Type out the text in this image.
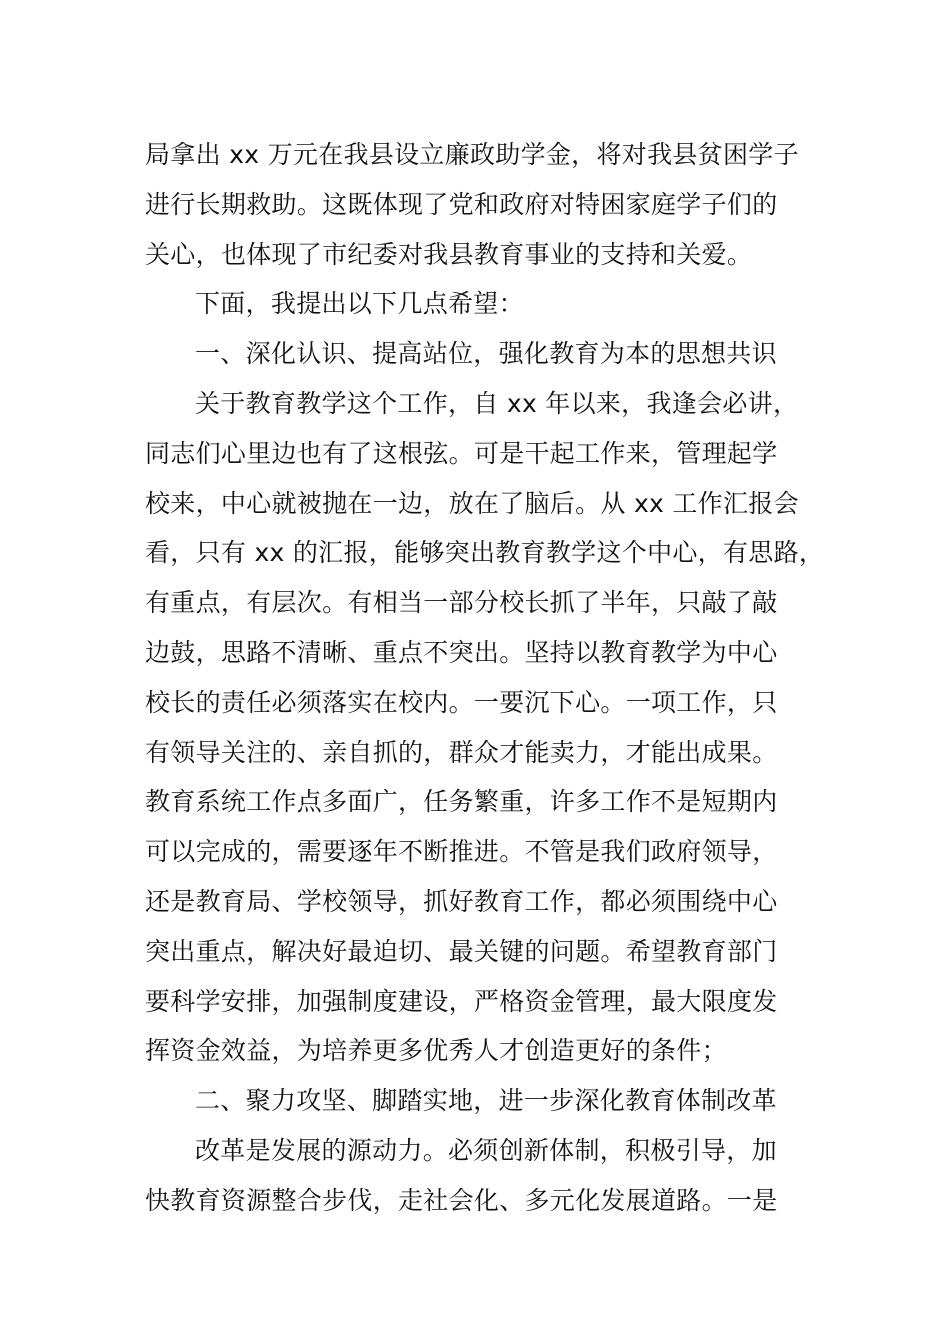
局拿出 xx 万元在我县设立廉政助学金，将对我县贫困学子
进行长期救助。这既体现了党和政府对特困家庭学子们的
关心，也体现了市纪委对我县教育事业的支持和关爱。
下面，我提出以下几点希望：
一、深化认识、提高站位，强化教育为本的思想共识
关于教育教学这个工作，自 xx 年以来，我逢会必讲，
同志们心里边也有了这根弦。可是干起工作来，管理起学
校来，中心就被抛在一边，放在了脑后。从 xx 工作汇报会
看，只有 xx 的汇报，能够突出教育教学这个中心，有思路，
有重点，有层次。有相当一部分校长抓了半年，只敲了敲
边鼓，思路不清晰、重点不突出。坚持以教育教学为中心
校长的责任必须落实在校内。一要沉下心。一项工作，只
有领导关注的、亲自抓的，群众才能卖力，才能出成果。
教育系统工作点多面广，任务繁重，许多工作不是短期内
可以完成的，需要逐年不断推进。不管是我们政府领导，
还是教育局、学校领导，抓好教育工作，都必须围绕中心
突出重点，解决好最迫切、最关键的问题。希望教育部门
要科学安排，加强制度建设，严格资金管理，最大限度发
挥资金效益，为培养更多优秀人才创造更好的条件；
二、聚力攻坚、脚踏实地，进一步深化教育体制改革
改革是发展的源动力。必须创新体制，积极引导，加
快教育资源整合步伐，走社会化、多元化发展道路。一是
